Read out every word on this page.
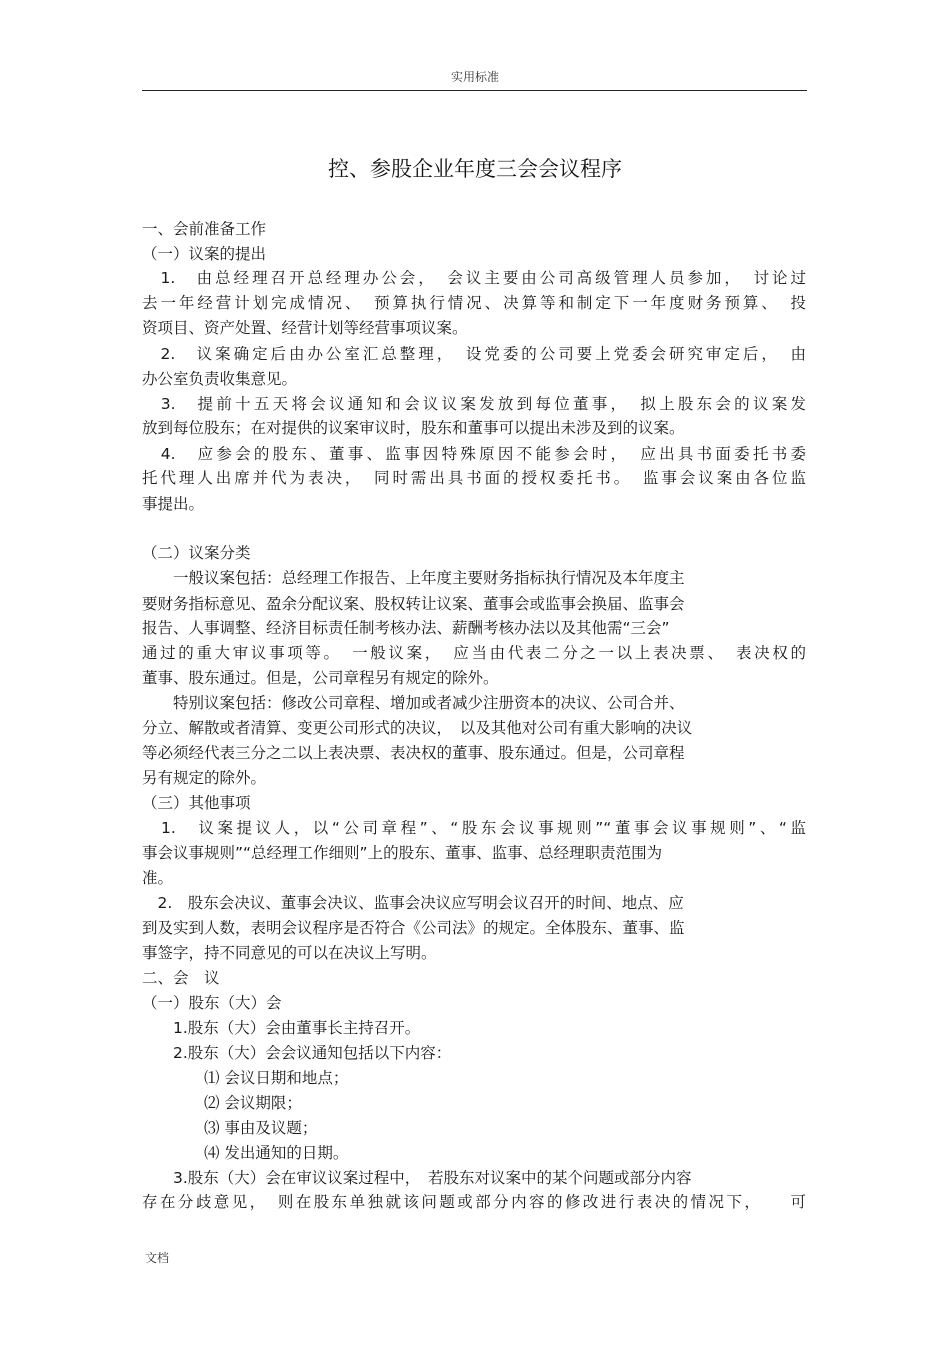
实用标准
控、参股企业年度三会会议程序
一、会前准备工作
（一）议案的提出
　1.　由总经理召开总经理办公会，　会议主要由公司高级管理人员参加，　讨论过
去一年经营计划完成情况、　预算执行情况、决算等和制定下一年度财务预算、　投
资项目、资产处置、经营计划等经营事项议案。
　2.　议案确定后由办公室汇总整理，　设党委的公司要上党委会研究审定后，　由
办公室负责收集意见。
　3.　提前十五天将会议通知和会议议案发放到每位董事，　拟上股东会的议案发
放到每位股东；在对提供的议案审议时，股东和董事可以提出未涉及到的议案。
　4.　应参会的股东、董事、监事因特殊原因不能参会时，　应出具书面委托书委
托代理人出席并代为表决，　同时需出具书面的授权委托书。　监事会议案由各位监
事提出。
（二）议案分类
　　一般议案包括：总经理工作报告、上年度主要财务指标执行情况及本年度主
要财务指标意见、盈余分配议案、股权转让议案、董事会或监事会换届、监事会
报告、人事调整、经济目标责任制考核办法、薪酬考核办法以及其他需“三会”
通过的重大审议事项等。　一般议案，　应当由代表二分之一以上表决票、　表决权的
董事、股东通过。但是，公司章程另有规定的除外。
　　特别议案包括：修改公司章程、增加或者减少注册资本的决议、公司合并、
分立、解散或者清算、变更公司形式的决议，　以及其他对公司有重大影响的决议
等必须经代表三分之二以上表决票、表决权的董事、股东通过。但是，公司章程
另有规定的除外。
（三）其他事项
　1.　议案提议人，以“公司章程”、“股东会议事规则”“董事会议事规则”、“监
事会议事规则”“总经理工作细则”上的股东、董事、监事、总经理职责范围为
准。
　2.　股东会决议、董事会决议、监事会决议应写明会议召开的时间、地点、应
到及实到人数，表明会议程序是否符合《公司法》的规定。全体股东、董事、监
事签字，持不同意见的可以在决议上写明。
二、会　议
（一）股东（大）会
　　1.股东（大）会由董事长主持召开。
　　2.股东（大）会会议通知包括以下内容：
　　　　⑴ 会议日期和地点；
　　　　⑵ 会议期限；
　　　　⑶ 事由及议题；
　　　　⑷ 发出通知的日期。
　　3.股东（大）会在审议议案过程中，　若股东对议案中的某个问题或部分内容
存在分歧意见，　则在股东单独就该问题或部分内容的修改进行表决的情况下，　　可
文档
